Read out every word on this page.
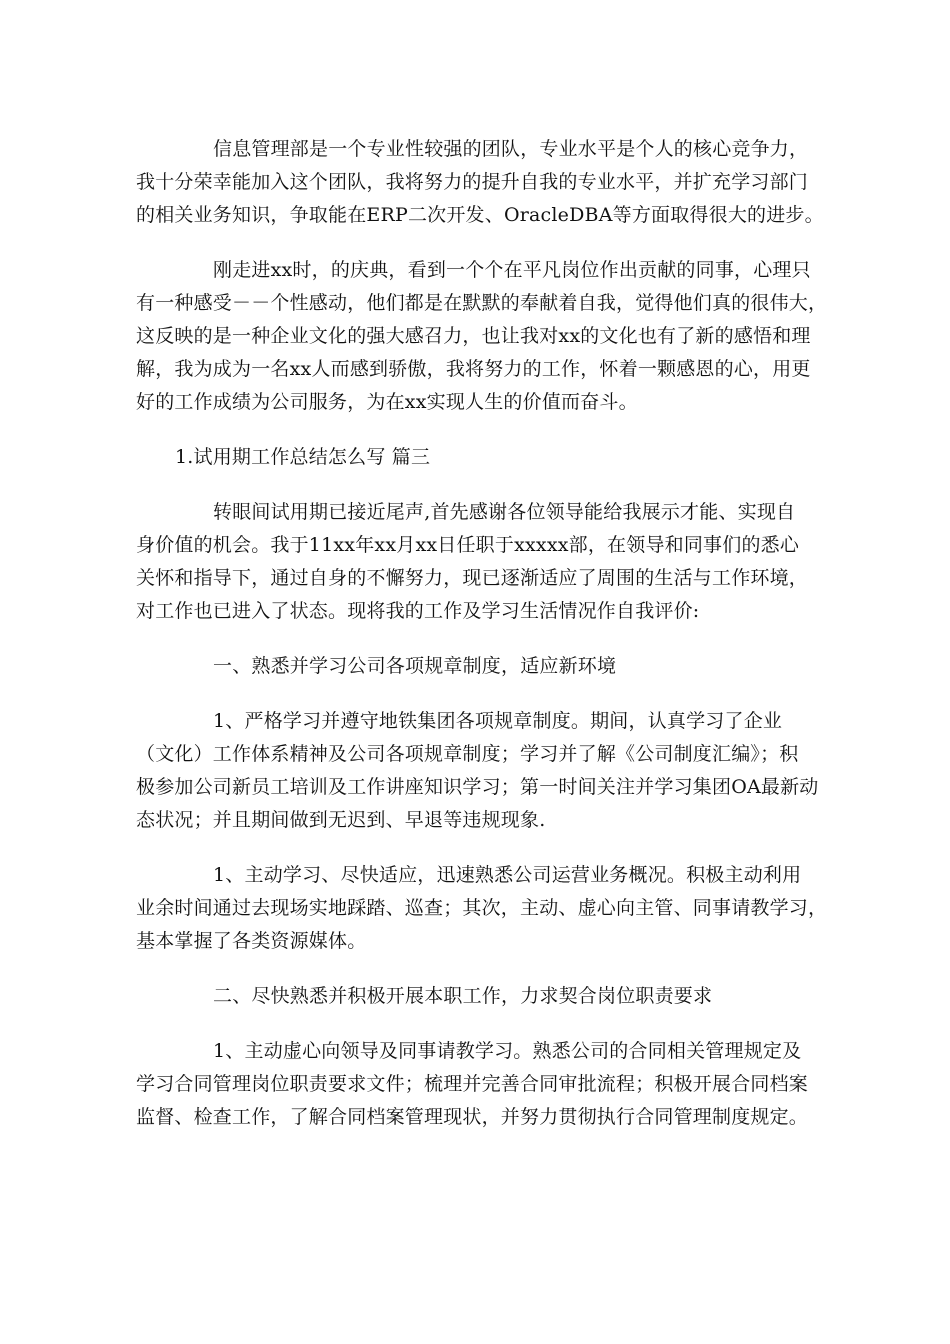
信息管理部是一个专业性较强的团队，专业水平是个人的核心竞争力，
我十分荣幸能加入这个团队，我将努力的提升自我的专业水平，并扩充学习部门
的相关业务知识，争取能在ERP二次开发、OracleDBA等方面取得很大的进步。
刚走进xx时，的庆典，看到一个个在平凡岗位作出贡献的同事，心理只
有一种感受－－个性感动，他们都是在默默的奉献着自我，觉得他们真的很伟大，
这反映的是一种企业文化的强大感召力，也让我对xx的文化也有了新的感悟和理
解，我为成为一名xx人而感到骄傲，我将努力的工作，怀着一颗感恩的心，用更
好的工作成绩为公司服务，为在xx实现人生的价值而奋斗。
1.试用期工作总结怎么写 篇三
转眼间试用期已接近尾声,首先感谢各位领导能给我展示才能、实现自
身价值的机会。我于11xx年xx月xx日任职于xxxxx部，在领导和同事们的悉心
关怀和指导下，通过自身的不懈努力，现已逐渐适应了周围的生活与工作环境，
对工作也已进入了状态。现将我的工作及学习生活情况作自我评价:
一、熟悉并学习公司各项规章制度，适应新环境
1、严格学习并遵守地铁集团各项规章制度。期间，认真学习了企业
（文化）工作体系精神及公司各项规章制度；学习并了解《公司制度汇编》；积
极参加公司新员工培训及工作讲座知识学习；第一时间关注并学习集团OA最新动
态状况；并且期间做到无迟到、早退等违规现象.
1、主动学习、尽快适应，迅速熟悉公司运营业务概况。积极主动利用
业余时间通过去现场实地踩踏、巡查；其次，主动、虚心向主管、同事请教学习，
基本掌握了各类资源媒体。
二、尽快熟悉并积极开展本职工作，力求契合岗位职责要求
1、主动虚心向领导及同事请教学习。熟悉公司的合同相关管理规定及
学习合同管理岗位职责要求文件；梳理并完善合同审批流程；积极开展合同档案
监督、检查工作，了解合同档案管理现状，并努力贯彻执行合同管理制度规定。
